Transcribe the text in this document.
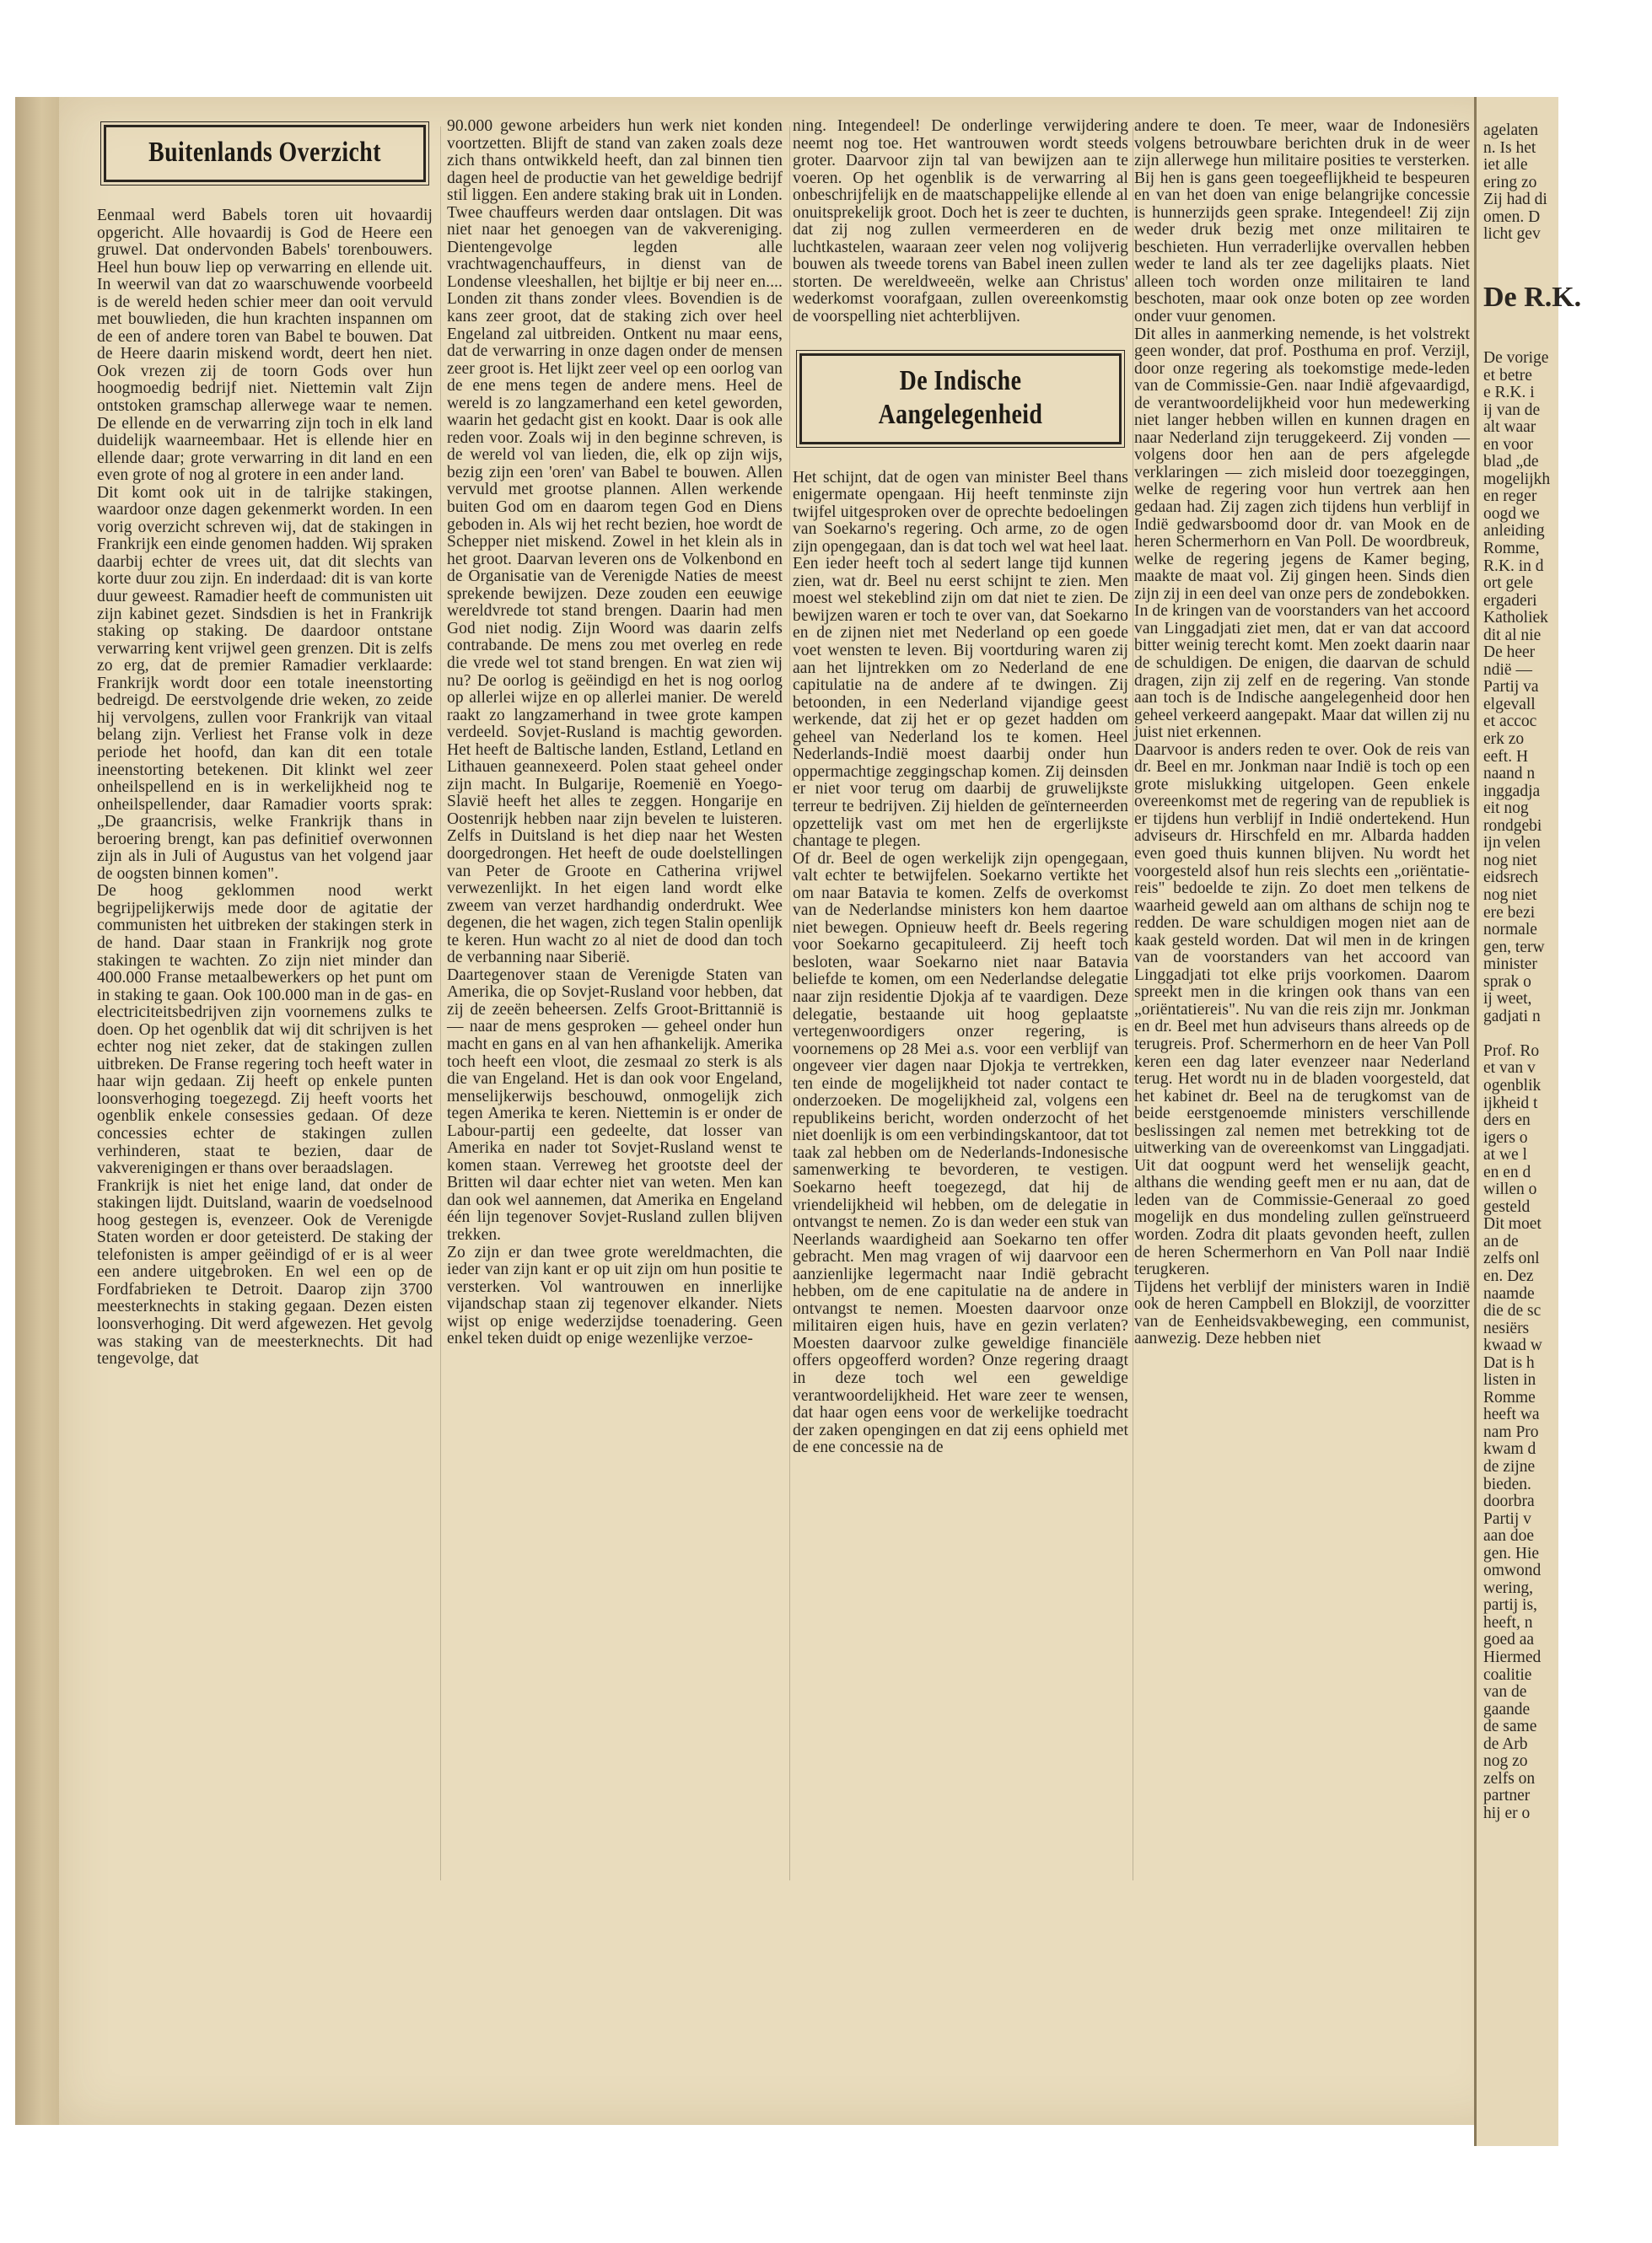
Buitenlands Overzicht

Eenmaal werd Babels toren uit hovaardij opgericht. Alle hovaardij is God de Heere een gruwel. Dat ondervonden Babels' torenbouwers. Heel hun bouw liep op verwarring en ellende uit. In weerwil van dat zo waarschuwende voorbeeld is de wereld heden schier meer dan ooit vervuld met bouwlieden, die hun krachten inspannen om de een of andere toren van Babel te bouwen. Dat de Heere daarin miskend wordt, deert hen niet. Ook vrezen zij de toorn Gods over hun hoogmoedig bedrijf niet. Niettemin valt Zijn ontstoken gramschap allerwege waar te nemen. De ellende en de verwarring zijn toch in elk land duidelijk waarneembaar. Het is ellende hier en ellende daar; grote verwarring in dit land en een even grote of nog al grotere in een ander land.

Dit komt ook uit in de talrijke stakingen, waardoor onze dagen gekenmerkt worden. In een vorig overzicht schreven wij, dat de stakingen in Frankrijk een einde genomen hadden. Wij spraken daarbij echter de vrees uit, dat dit slechts van korte duur zou zijn. En inderdaad: dit is van korte duur geweest. Ramadier heeft de communisten uit zijn kabinet gezet. Sindsdien is het in Frankrijk staking op staking. De daardoor ontstane verwarring kent vrijwel geen grenzen. Dit is zelfs zo erg, dat de premier Ramadier verklaarde: Frankrijk wordt door een totale ineenstorting bedreigd. De eerstvolgende drie weken, zo zeide hij vervolgens, zullen voor Frankrijk van vitaal belang zijn. Verliest het Franse volk in deze periode het hoofd, dan kan dit een totale ineenstorting betekenen. Dit klinkt wel zeer onheilspellend en is in werkelijkheid nog te onheilspellender, daar Ramadier voorts sprak: „De graancrisis, welke Frankrijk thans in beroering brengt, kan pas definitief overwonnen zijn als in Juli of Augustus van het volgend jaar de oogsten binnen komen".

De hoog geklommen nood werkt begrijpelijkerwijs mede door de agitatie der communisten het uitbreken der stakingen sterk in de hand. Daar staan in Frankrijk nog grote stakingen te wachten. Zo zijn niet minder dan 400.000 Franse metaalbewerkers op het punt om in staking te gaan. Ook 100.000 man in de gas- en electriciteitsbedrijven zijn voornemens zulks te doen. Op het ogenblik dat wij dit schrijven is het echter nog niet zeker, dat de stakingen zullen uitbreken. De Franse regering toch heeft water in haar wijn gedaan. Zij heeft op enkele punten loonsverhoging toegezegd. Zij heeft voorts het ogenblik enkele consessies gedaan. Of deze concessies echter de stakingen zullen verhinderen, staat te bezien, daar de vakverenigingen er thans over beraadslagen.

Frankrijk is niet het enige land, dat onder de stakingen lijdt. Duitsland, waarin de voedselnood hoog gestegen is, evenzeer. Ook de Verenigde Staten worden er door geteisterd. De staking der telefonisten is amper geëindigd of er is al weer een andere uitgebroken. En wel een op de Fordfabrieken te Detroit. Daarop zijn 3700 meesterknechts in staking gegaan. Dezen eisten loonsverhoging. Dit werd afgewezen. Het gevolg was staking van de meesterknechts. Dit had tengevolge, dat

90.000 gewone arbeiders hun werk niet konden voortzetten. Blijft de stand van zaken zoals deze zich thans ontwikkeld heeft, dan zal binnen tien dagen heel de productie van het geweldige bedrijf stil liggen. Een andere staking brak uit in Londen. Twee chauffeurs werden daar ontslagen. Dit was niet naar het genoegen van de vakvereniging. Dientengevolge legden alle vrachtwagenchauffeurs, in dienst van de Londense vleeshallen, het bijltje er bij neer en.... Londen zit thans zonder vlees. Bovendien is de kans zeer groot, dat de staking zich over heel Engeland zal uitbreiden. Ontkent nu maar eens, dat de verwarring in onze dagen onder de mensen zeer groot is. Het lijkt zeer veel op een oorlog van de ene mens tegen de andere mens. Heel de wereld is zo langzamerhand een ketel geworden, waarin het gedacht gist en kookt. Daar is ook alle reden voor. Zoals wij in den beginne schreven, is de wereld vol van lieden, die, elk op zijn wijs, bezig zijn een 'oren' van Babel te bouwen. Allen vervuld met grootse plannen. Allen werkende buiten God om en daarom tegen God en Diens geboden in. Als wij het recht bezien, hoe wordt de Schepper niet miskend. Zowel in het klein als in het groot. Daarvan leveren ons de Volkenbond en de Organisatie van de Verenigde Naties de meest sprekende bewijzen. Deze zouden een eeuwige wereldvrede tot stand brengen. Daarin had men God niet nodig. Zijn Woord was daarin zelfs contrabande. De mens zou met overleg en rede die vrede wel tot stand brengen. En wat zien wij nu? De oorlog is geëindigd en het is nog oorlog op allerlei wijze en op allerlei manier. De wereld raakt zo langzamerhand in twee grote kampen verdeeld. Sovjet-Rusland is machtig geworden. Het heeft de Baltische landen, Estland, Letland en Lithauen geannexeerd. Polen staat geheel onder zijn macht. In Bulgarije, Roemenië en Yoego-Slavië heeft het alles te zeggen. Hongarije en Oostenrijk hebben naar zijn bevelen te luisteren. Zelfs in Duitsland is het diep naar het Westen doorgedrongen. Het heeft de oude doelstellingen van Peter de Groote en Catherina vrijwel verwezenlijkt. In het eigen land wordt elke zweem van verzet hardhandig onderdrukt. Wee degenen, die het wagen, zich tegen Stalin openlijk te keren. Hun wacht zo al niet de dood dan toch de verbanning naar Siberië.

Daartegenover staan de Verenigde Staten van Amerika, die op Sovjet-Rusland voor hebben, dat zij de zeeën beheersen. Zelfs Groot-Brittannië is — naar de mens gesproken — geheel onder hun macht en gans en al van hen afhankelijk. Amerika toch heeft een vloot, die zesmaal zo sterk is als die van Engeland. Het is dan ook voor Engeland, menselijkerwijs beschouwd, onmogelijk zich tegen Amerika te keren. Niettemin is er onder de Labour-partij een gedeelte, dat losser van Amerika en nader tot Sovjet-Rusland wenst te komen staan. Verreweg het grootste deel der Britten wil daar echter niet van weten. Men kan dan ook wel aannemen, dat Amerika en Engeland één lijn tegenover Sovjet-Rusland zullen blijven trekken.

Zo zijn er dan twee grote wereldmachten, die ieder van zijn kant er op uit zijn om hun positie te versterken. Vol wantrouwen en innerlijke vijandschap staan zij tegenover elkander. Niets wijst op enige wederzijdse toenadering. Geen enkel teken duidt op enige wezenlijke verzoe-

ning. Integendeel! De onderlinge verwijdering neemt nog toe. Het wantrouwen wordt steeds groter. Daarvoor zijn tal van bewijzen aan te voeren. Op het ogenblik is de verwarring al onbeschrijfelijk en de maatschappelijke ellende al onuitsprekelijk groot. Doch het is zeer te duchten, dat zij nog zullen vermeerderen en de luchtkastelen, waaraan zeer velen nog volijverig bouwen als tweede torens van Babel ineen zullen storten. De wereldweeën, welke aan Christus' wederkomst voorafgaan, zullen overeenkomstig de voorspelling niet achterblijven.

De Indische Aangelegenheid

Het schijnt, dat de ogen van minister Beel thans enigermate opengaan. Hij heeft tenminste zijn twijfel uitgesproken over de oprechte bedoelingen van Soekarno's regering. Och arme, zo de ogen zijn opengegaan, dan is dat toch wel wat heel laat. Een ieder heeft toch al sedert lange tijd kunnen zien, wat dr. Beel nu eerst schijnt te zien. Men moest wel stekeblind zijn om dat niet te zien. De bewijzen waren er toch te over van, dat Soekarno en de zijnen niet met Nederland op een goede voet wensten te leven. Bij voortduring waren zij aan het lijntrekken om zo Nederland de ene capitulatie na de andere af te dwingen. Zij betoonden, in een Nederland vijandige geest werkende, dat zij het er op gezet hadden om geheel van Nederland los te komen. Heel Nederlands-Indië moest daarbij onder hun oppermachtige zeggingschap komen. Zij deinsden er niet voor terug om daarbij de gruwelijkste terreur te bedrijven. Zij hielden de geïnterneerden opzettelijk vast om met hen de ergerlijkste chantage te plegen.

Of dr. Beel de ogen werkelijk zijn opengegaan, valt echter te betwijfelen. Soekarno vertikte het om naar Batavia te komen. Zelfs de overkomst van de Nederlandse ministers kon hem daartoe niet bewegen. Opnieuw heeft dr. Beels regering voor Soekarno gecapituleerd. Zij heeft toch besloten, waar Soekarno niet naar Batavia beliefde te komen, om een Nederlandse delegatie naar zijn residentie Djokja af te vaardigen. Deze delegatie, bestaande uit hoog geplaatste vertegenwoordigers onzer regering, is voornemens op 28 Mei a.s. voor een verblijf van ongeveer vier dagen naar Djokja te vertrekken, ten einde de mogelijkheid tot nader contact te onderzoeken. De mogelijkheid zal, volgens een republikeins bericht, worden onderzocht of het niet doenlijk is om een verbindingskantoor, dat tot taak zal hebben om de Nederlands-Indonesische samenwerking te bevorderen, te vestigen. Soekarno heeft toegezegd, dat hij de vriendelijkheid wil hebben, om de delegatie in ontvangst te nemen. Zo is dan weder een stuk van Neerlands waardigheid aan Soekarno ten offer gebracht. Men mag vragen of wij daarvoor een aanzienlijke legermacht naar Indië gebracht hebben, om de ene capitulatie na de andere in ontvangst te nemen. Moesten daarvoor onze militairen eigen huis, have en gezin verlaten? Moesten daarvoor zulke geweldige financiële offers opgeofferd worden? Onze regering draagt in deze toch wel een geweldige verantwoordelijkheid. Het ware zeer te wensen, dat haar ogen eens voor de werkelijke toedracht der zaken opengingen en dat zij eens ophield met de ene concessie na de

andere te doen. Te meer, waar de Indonesiërs volgens betrouwbare berichten druk in de weer zijn allerwege hun militaire posities te versterken. Bij hen is gans geen toegeeflijkheid te bespeuren en van het doen van enige belangrijke concessie is hunnerzijds geen sprake. Integendeel! Zij zijn weder druk bezig met onze militairen te beschieten. Hun verraderlijke overvallen hebben weder te land als ter zee dagelijks plaats. Niet alleen toch worden onze militairen te land beschoten, maar ook onze boten op zee worden onder vuur genomen.

Dit alles in aanmerking nemende, is het volstrekt geen wonder, dat prof. Posthuma en prof. Verzijl, door onze regering als toekomstige mede-leden van de Commissie-Gen. naar Indië afgevaardigd, de verantwoordelijkheid voor hun medewerking niet langer hebben willen en kunnen dragen en naar Nederland zijn teruggekeerd. Zij vonden — volgens door hen aan de pers afgelegde verklaringen — zich misleid door toezeggingen, welke de regering voor hun vertrek aan hen gedaan had. Zij zagen zich tijdens hun verblijf in Indië gedwarsboomd door dr. van Mook en de heren Schermerhorn en Van Poll. De woordbreuk, welke de regering jegens de Kamer beging, maakte de maat vol. Zij gingen heen. Sinds dien zijn zij in een deel van onze pers de zondebokken. In de kringen van de voorstanders van het accoord van Linggadjati ziet men, dat er van dat accoord bitter weinig terecht komt. Men zoekt daarin naar de schuldigen. De enigen, die daarvan de schuld dragen, zijn zij zelf en de regering. Van stonde aan toch is de Indische aangelegenheid door hen geheel verkeerd aangepakt. Maar dat willen zij nu juist niet erkennen.

Daarvoor is anders reden te over. Ook de reis van dr. Beel en mr. Jonkman naar Indië is toch op een grote mislukking uitgelopen. Geen enkele overeenkomst met de regering van de republiek is er tijdens hun verblijf in Indië ondertekend. Hun adviseurs dr. Hirschfeld en mr. Albarda hadden even goed thuis kunnen blijven. Nu wordt het voorgesteld alsof hun reis slechts een „oriëntatie-reis" bedoelde te zijn. Zo doet men telkens de waarheid geweld aan om althans de schijn nog te redden. De ware schuldigen mogen niet aan de kaak gesteld worden. Dat wil men in de kringen van de voorstanders van het accoord van Linggadjati tot elke prijs voorkomen. Daarom spreekt men in die kringen ook thans van een „oriëntatiereis". Nu van die reis zijn mr. Jonkman en dr. Beel met hun adviseurs thans alreeds op de terugreis. Prof. Schermerhorn en de heer Van Poll keren een dag later evenzeer naar Nederland terug. Het wordt nu in de bladen voorgesteld, dat het kabinet dr. Beel na de terugkomst van de beide eerstgenoemde ministers verschillende beslissingen zal nemen met betrekking tot de uitwerking van de overeenkomst van Linggadjati. Uit dat oogpunt werd het wenselijk geacht, althans die wending geeft men er nu aan, dat de leden van de Commissie-Generaal zo goed mogelijk en dus mondeling zullen geïnstrueerd worden. Zodra dit plaats gevonden heeft, zullen de heren Schermerhorn en Van Poll naar Indië terugkeren.

Tijdens het verblijf der ministers waren in Indië ook de heren Campbell en Blokzijl, de voorzitter van de Eenheidsvakbeweging, een communist, aanwezig. Deze hebben niet

agelaten

n. Is het

iet alle

ering zo

Zij had di

omen. D

licht gev

De R.K.

De vorige

et betre

e R.K. i

ij van de

alt waar

en voor

blad „de

mogelijkh

en reger

oogd we

anleiding

Romme,

R.K. in d

ort gele

ergaderi

Katholiek

dit al nie

De heer

ndië —

Partij va

elgevall

et accoc

erk zo

eeft. H

naand n

inggadja

eit nog

rondgebi

ijn velen

nog niet

eidsrech

nog niet

ere bezi

normale

gen, terw

minister

sprak o

ij weet,

gadjati n

Prof. Ro

et van v

ogenblik

ijkheid t

ders en

igers o

at we l

en en d

willen o

gesteld

Dit moet

an de

zelfs onl

en. Dez

naamde

die de sc

nesiërs

kwaad w

Dat is h

listen in

Romme

heeft wa

nam Pro

kwam d

de zijne

bieden.

doorbra

Partij v

aan doe

gen. Hie

omwond

wering,

partij is,

heeft, n

goed aa

Hiermed

coalitie

van de

gaande

de same

de Arb

nog zo

zelfs on

partner

hij er o
